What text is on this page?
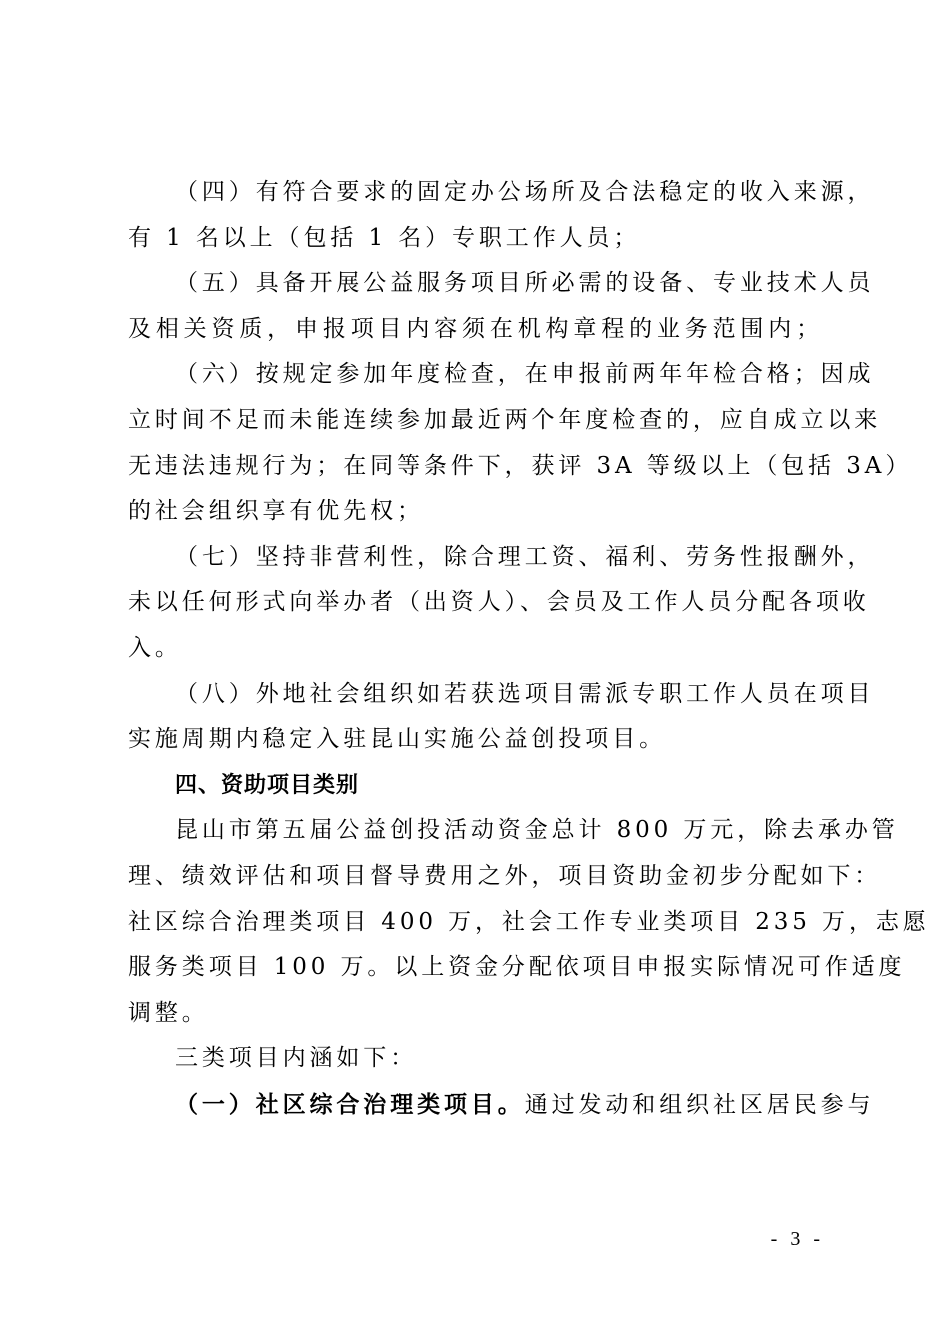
（四）有符合要求的固定办公场所及合法稳定的收入来源，
有 1 名以上（包括 1 名）专职工作人员；
（五）具备开展公益服务项目所必需的设备、专业技术人员
及相关资质，申报项目内容须在机构章程的业务范围内；
（六）按规定参加年度检查，在申报前两年年检合格；因成
立时间不足而未能连续参加最近两个年度检查的，应自成立以来
无违法违规行为；在同等条件下，获评 3A 等级以上（包括 3A）
的社会组织享有优先权；
（七）坚持非营利性，除合理工资、福利、劳务性报酬外，
未以任何形式向举办者（出资人）、会员及工作人员分配各项收
入。
（八）外地社会组织如若获选项目需派专职工作人员在项目
实施周期内稳定入驻昆山实施公益创投项目。
四、资助项目类别
昆山市第五届公益创投活动资金总计 800 万元，除去承办管
理、绩效评估和项目督导费用之外，项目资助金初步分配如下：
社区综合治理类项目 400 万，社会工作专业类项目 235 万，志愿
服务类项目 100 万。以上资金分配依项目申报实际情况可作适度
调整。
三类项目内涵如下：
（一）社区综合治理类项目。通过发动和组织社区居民参与
- 3 -
